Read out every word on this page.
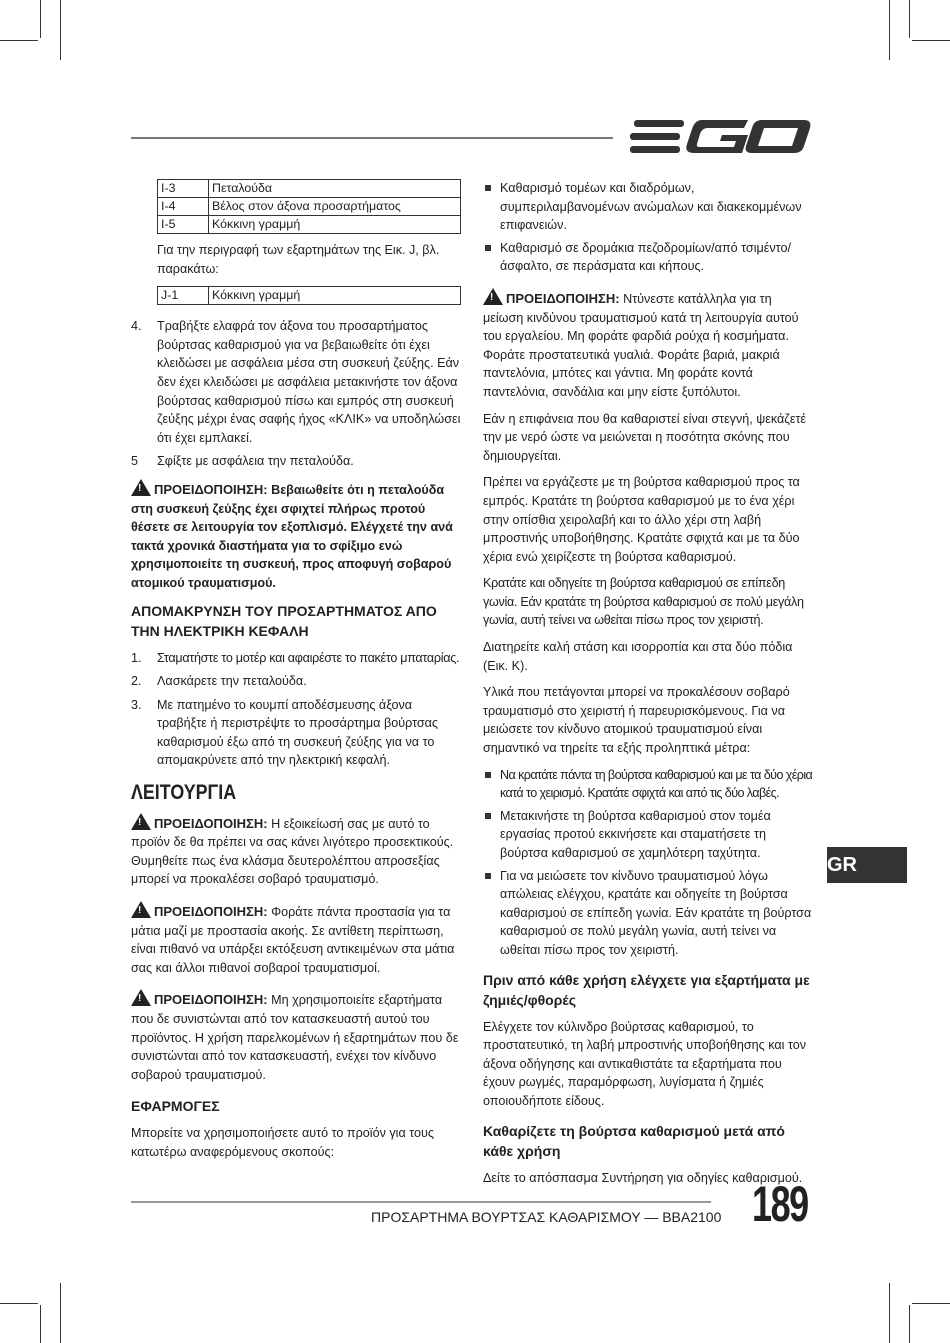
I-3	Πεταλούδα
I-4	Βέλος στον άξονα προσαρτήματος
I-5	Κόκκινη γραμμή

Για την περιγραφή των εξαρτημάτων της Εικ. J, βλ. παρακάτω:

J-1	Κόκκινη γραμμή
4. Τραβήξτε ελαφρά τον άξονα του προσαρτήματος βούρτσας καθαρισμού για να βεβαιωθείτε ότι έχει κλειδώσει με ασφάλεια μέσα στη συσκευή ζεύξης. Εάν δεν έχει κλειδώσει με ασφάλεια μετακινήστε τον άξονα βούρτσας καθαρισμού πίσω και εμπρός στη συσκευή ζεύξης μέχρι ένας σαφής ήχος «ΚΛΙΚ» να υποδηλώσει ότι έχει εμπλακεί.
5 Σφίξτε με ασφάλεια την πεταλούδα.

! ΠΡΟΕΙΔΟΠΟΙΗΣΗ: Βεβαιωθείτε ότι η πεταλούδα στη συσκευή ζεύξης έχει σφιχτεί πλήρως προτού θέσετε σε λειτουργία τον εξοπλισμό. Ελέγχετέ την ανά τακτά χρονικά διαστήματα για το σφίξιμο ενώ χρησιμοποιείτε τη συσκευή, προς αποφυγή σοβαρού ατομικού τραυματισμού.

ΑΠΟΜΑΚΡΥΝΣΗ ΤΟΥ ΠΡΟΣΑΡΤΗΜΑΤΟΣ ΑΠΟ ΤΗΝ ΗΛΕΚΤΡΙΚΗ ΚΕΦΑΛΗ
1. Σταματήστε το μοτέρ και αφαιρέστε το πακέτο μπαταρίας.
2. Λασκάρετε την πεταλούδα.
3. Με πατημένο το κουμπί αποδέσμευσης άξονα τραβήξτε ή περιστρέψτε το προσάρτημα βούρτσας καθαρισμού έξω από τη συσκευή ζεύξης για να το απομακρύνετε από την ηλεκτρική κεφαλή.
ΛΕΙΤΟΥΡΓΙΑ

! ΠΡΟΕΙΔΟΠΟΙΗΣΗ: Η εξοικείωσή σας με αυτό το προϊόν δε θα πρέπει να σας κάνει λιγότερο προσεκτικούς. Θυμηθείτε πως ένα κλάσμα δευτερολέπτου απροσεξίας μπορεί να προκαλέσει σοβαρό τραυματισμό.

! ΠΡΟΕΙΔΟΠΟΙΗΣΗ: Φοράτε πάντα προστασία για τα μάτια μαζί με προστασία ακοής. Σε αντίθετη περίπτωση, είναι πιθανό να υπάρξει εκτόξευση αντικειμένων στα μάτια σας και άλλοι πιθανοί σοβαροί τραυματισμοί.

! ΠΡΟΕΙΔΟΠΟΙΗΣΗ: Μη χρησιμοποιείτε εξαρτήματα που δε συνιστώνται από τον κατασκευαστή αυτού του προϊόντος. Η χρήση παρελκομένων ή εξαρτημάτων που δε συνιστώνται από τον κατασκευαστή, ενέχει τον κίνδυνο σοβαρού τραυματισμού.

ΕΦΑΡΜΟΓΕΣ

Μπορείτε να χρησιμοποιήσετε αυτό το προϊόν για τους κατωτέρω αναφερόμενους σκοπούς:

Καθαρισμό τομέων και διαδρόμων, συμπεριλαμβανομένων ανώμαλων και διακεκομμένων επιφανειών.
Καθαρισμό σε δρομάκια πεζοδρομίων/από τσιμέντο/άσφαλτο, σε περάσματα και κήπους.

! ΠΡΟΕΙΔΟΠΟΙΗΣΗ: Ντύνεστε κατάλληλα για τη μείωση κινδύνου τραυματισμού κατά τη λειτουργία αυτού του εργαλείου. Μη φοράτε φαρδιά ρούχα ή κοσμήματα. Φοράτε προστατευτικά γυαλιά. Φοράτε βαριά, μακριά παντελόνια, μπότες και γάντια. Μη φοράτε κοντά παντελόνια, σανδάλια και μην είστε ξυπόλυτοι.

Εάν η επιφάνεια που θα καθαριστεί είναι στεγνή, ψεκάζετέ την με νερό ώστε να μειώνεται η ποσότητα σκόνης που δημιουργείται.

Πρέπει να εργάζεστε με τη βούρτσα καθαρισμού προς τα εμπρός. Κρατάτε τη βούρτσα καθαρισμού με το ένα χέρι στην οπίσθια χειρολαβή και το άλλο χέρι στη λαβή μπροστινής υποβοήθησης. Κρατάτε σφιχτά και με τα δύο χέρια ενώ χειρίζεστε τη βούρτσα καθαρισμού.

Κρατάτε και οδηγείτε τη βούρτσα καθαρισμού σε επίπεδη γωνία. Εάν κρατάτε τη βούρτσα καθαρισμού σε πολύ μεγάλη γωνία, αυτή τείνει να ωθείται πίσω προς τον χειριστή.

Διατηρείτε καλή στάση και ισορροπία και στα δύο πόδια (Εικ. K).

Υλικά που πετάγονται μπορεί να προκαλέσουν σοβαρό τραυματισμό στο χειριστή ή παρευρισκόμενους. Για να μειώσετε τον κίνδυνο ατομικού τραυματισμού είναι σημαντικό να τηρείτε τα εξής προληπτικά μέτρα:

Να κρατάτε πάντα τη βούρτσα καθαρισμού και με τα δύο χέρια κατά το χειρισμό. Κρατάτε σφιχτά και από τις δύο λαβές.
Μετακινήστε τη βούρτσα καθαρισμού στον τομέα εργασίας προτού εκκινήσετε και σταματήσετε τη βούρτσα καθαρισμού σε χαμηλότερη ταχύτητα.
Για να μειώσετε τον κίνδυνο τραυματισμού λόγω απώλειας ελέγχου, κρατάτε και οδηγείτε τη βούρτσα καθαρισμού σε επίπεδη γωνία. Εάν κρατάτε τη βούρτσα καθαρισμού σε πολύ μεγάλη γωνία, αυτή τείνει να ωθείται πίσω προς τον χειριστή.
Πριν από κάθε χρήση ελέγχετε για εξαρτήματα με ζημιές/φθορές

Ελέγχετε τον κύλινδρο βούρτσας καθαρισμού, το προστατευτικό, τη λαβή μπροστινής υποβοήθησης και τον άξονα οδήγησης και αντικαθιστάτε τα εξαρτήματα που έχουν ρωγμές, παραμόρφωση, λυγίσματα ή ζημιές οποιουδήποτε είδους.

Καθαρίζετε τη βούρτσα καθαρισμού μετά από κάθε χρήση

Δείτε το απόσπασμα Συντήρηση για οδηγίες καθαρισμού.

GR
ΠΡΟΣΑΡΤΗΜΑ ΒΟΥΡΤΣΑΣ ΚΑΘΑΡΙΣΜΟΥ — BBA2100 189
